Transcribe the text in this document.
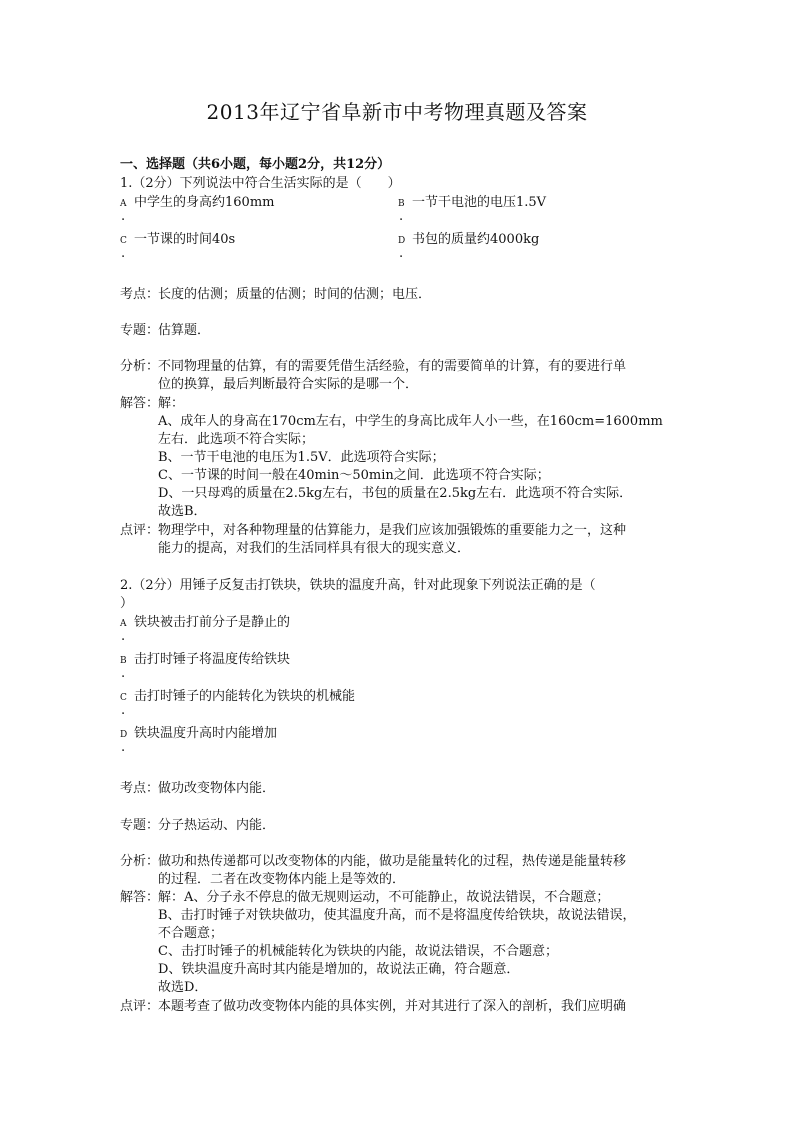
2013年辽宁省阜新市中考物理真题及答案
一、选择题（共6小题，每小题2分，共12分）
1.（2分）下列说法中符合生活实际的是（　　）
A 中学生的身高约160mm
.
B 一节干电池的电压1.5V
.
C 一节课的时间40s
.
D 书包的质量约4000kg
.
考点：
长度的估测；质量的估测；时间的估测；电压．
专题：
估算题．
分析：
不同物理量的估算，有的需要凭借生活经验，有的需要简单的计算，有的要进行单
位的换算，最后判断最符合实际的是哪一个．
解答：
解：
A、成年人的身高在170cm左右，中学生的身高比成年人小一些，在160cm=1600mm
左右．此选项不符合实际；
B、一节干电池的电压为1.5V．此选项符合实际；
C、一节课的时间一般在40min～50min之间．此选项不符合实际；
D、一只母鸡的质量在2.5kg左右，书包的质量在2.5kg左右．此选项不符合实际．
故选B．
点评：
物理学中，对各种物理量的估算能力，是我们应该加强锻炼的重要能力之一，这种
能力的提高，对我们的生活同样具有很大的现实意义．
2.（2分）用锤子反复击打铁块，铁块的温度升高，针对此现象下列说法正确的是（
）
A 铁块被击打前分子是静止的
.
B 击打时锤子将温度传给铁块
.
C 击打时锤子的内能转化为铁块的机械能
.
D 铁块温度升高时内能增加
.
考点：
做功改变物体内能．
专题：
分子热运动、内能．
分析：
做功和热传递都可以改变物体的内能，做功是能量转化的过程，热传递是能量转移
的过程．二者在改变物体内能上是等效的．
解答：
解：A、分子永不停息的做无规则运动，不可能静止，故说法错误，不合题意；
B、击打时锤子对铁块做功，使其温度升高，而不是将温度传给铁块，故说法错误，
不合题意；
C、击打时锤子的机械能转化为铁块的内能，故说法错误，不合题意；
D、铁块温度升高时其内能是增加的，故说法正确，符合题意．
故选D．
点评：
本题考查了做功改变物体内能的具体实例，并对其进行了深入的剖析，我们应明确
